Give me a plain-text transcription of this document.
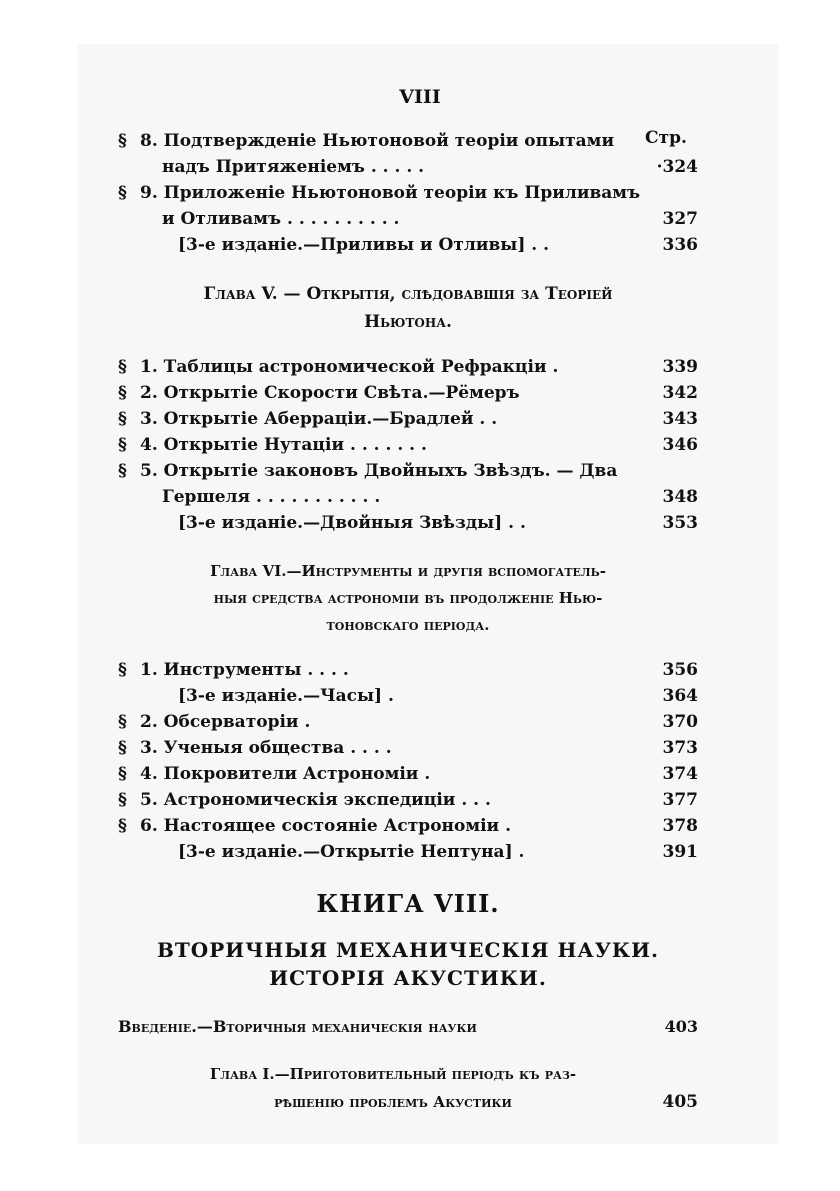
VIII
§ 8. Подтвержденіе Ньютоновой теоріи опытами
надъ Притяженіемъ . . . . .	·324
§ 9. Приложеніе Ньютоновой теоріи къ Приливамъ
и Отливамъ . . . . . . . . . .	327
[3-е изданіе.—Приливы и Отливы] . .	336
Глава V. — Открытія, слѣдовавшія за Теоріей
Ньютона.
§ 1. Таблицы астрономической Рефракціи .	339
§ 2. Открытіе Скорости Свѣта.—Рёмеръ	342
§ 3. Открытіе Аберраціи.—Брадлей . .	343
§ 4. Открытіе Нутаціи . . . . . . .	346
§ 5. Открытіе законовъ Двойныхъ Звѣздъ. — Два
Гершеля . . . . . . . . . . .	348
[3-е изданіе.—Двойныя Звѣзды] . .	353
Глава VI.—Инструменты и другія вспомогатель-
ныя средства астрономіи въ продолженіе Нью-
тоновскаго періода.
§ 1. Инструменты . . . .	356
[3-е изданіе.—Часы] .	364
§ 2. Обсерваторіи .	370
§ 3. Ученыя общества . . . .	373
§ 4. Покровители Астрономіи .	374
§ 5. Астрономическія экспедиціи . . .	377
§ 6. Настоящее состояніе Астрономіи .	378
[3-е изданіе.—Открытіе Нептуна] .	391
КНИГА VIII.
ВТОРИЧНЫЯ МЕХАНИЧЕСКІЯ НАУКИ.
ИСТОРІЯ АКУСТИКИ.
Введеніе.—Вторичныя механическія науки	403
Глава I.—Приготовительный періодъ къ раз-
рѣшенію проблемъ Акустики	405
Стр.
